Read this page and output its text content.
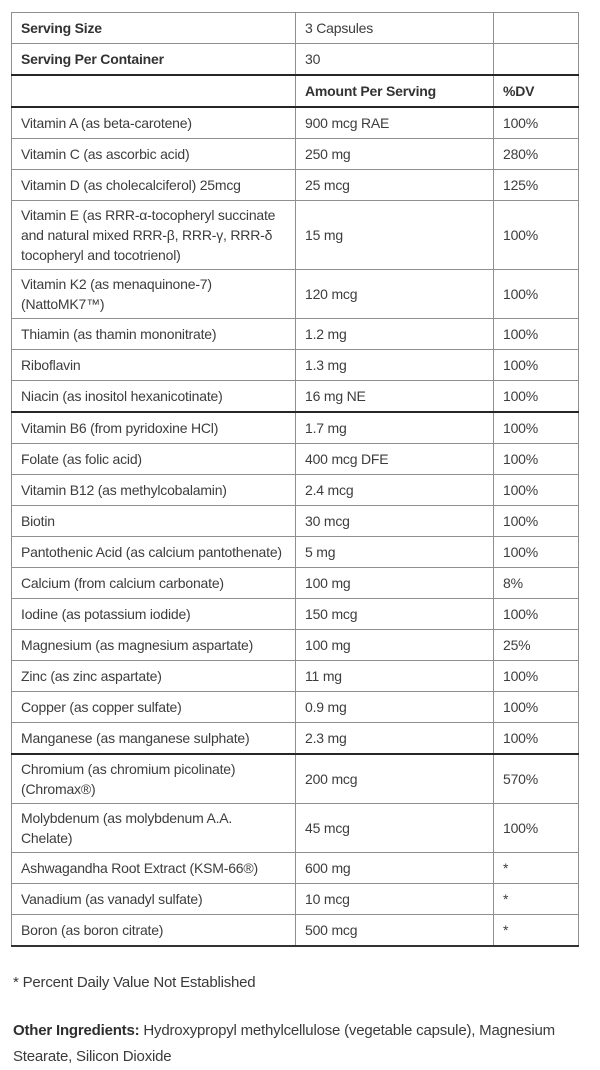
Serving Size	3 Capsules	
Serving Per Container	30	
	Amount Per Serving	%DV
Vitamin A (as beta-carotene)	900 mcg RAE	100%
Vitamin C (as ascorbic acid)	250 mg	280%
Vitamin D (as cholecalciferol) 25mcg	25 mcg	125%
Vitamin E (as RRR-α-tocopheryl succinate and natural mixed RRR-β, RRR-γ, RRR-δ tocopheryl and tocotrienol)	15 mg	100%
Vitamin K2 (as menaquinone-7) (NattoMK7™)	120 mcg	100%
Thiamin (as thamin mononitrate)	1.2 mg	100%
Riboflavin	1.3 mg	100%
Niacin (as inositol hexanicotinate)	16 mg NE	100%
Vitamin B6 (from pyridoxine HCl)	1.7 mg	100%
Folate (as folic acid)	400 mcg DFE	100%
Vitamin B12 (as methylcobalamin)	2.4 mcg	100%
Biotin	30 mcg	100%
Pantothenic Acid (as calcium pantothenate)	5 mg	100%
Calcium (from calcium carbonate)	100 mg	8%
Iodine (as potassium iodide)	150 mcg	100%
Magnesium (as magnesium aspartate)	100 mg	25%
Zinc (as zinc aspartate)	11 mg	100%
Copper (as copper sulfate)	0.9 mg	100%
Manganese (as manganese sulphate)	2.3 mg	100%
Chromium (as chromium picolinate) (Chromax®)	200 mcg	570%
Molybdenum (as molybdenum A.A. Chelate)	45 mcg	100%
Ashwagandha Root Extract (KSM-66®)	600 mg	*
Vanadium (as vanadyl sulfate)	10 mcg	*
Boron (as boron citrate)	500 mcg	*

* Percent Daily Value Not Established

Other Ingredients: Hydroxypropyl methylcellulose (vegetable capsule), Magnesium Stearate, Silicon Dioxide
